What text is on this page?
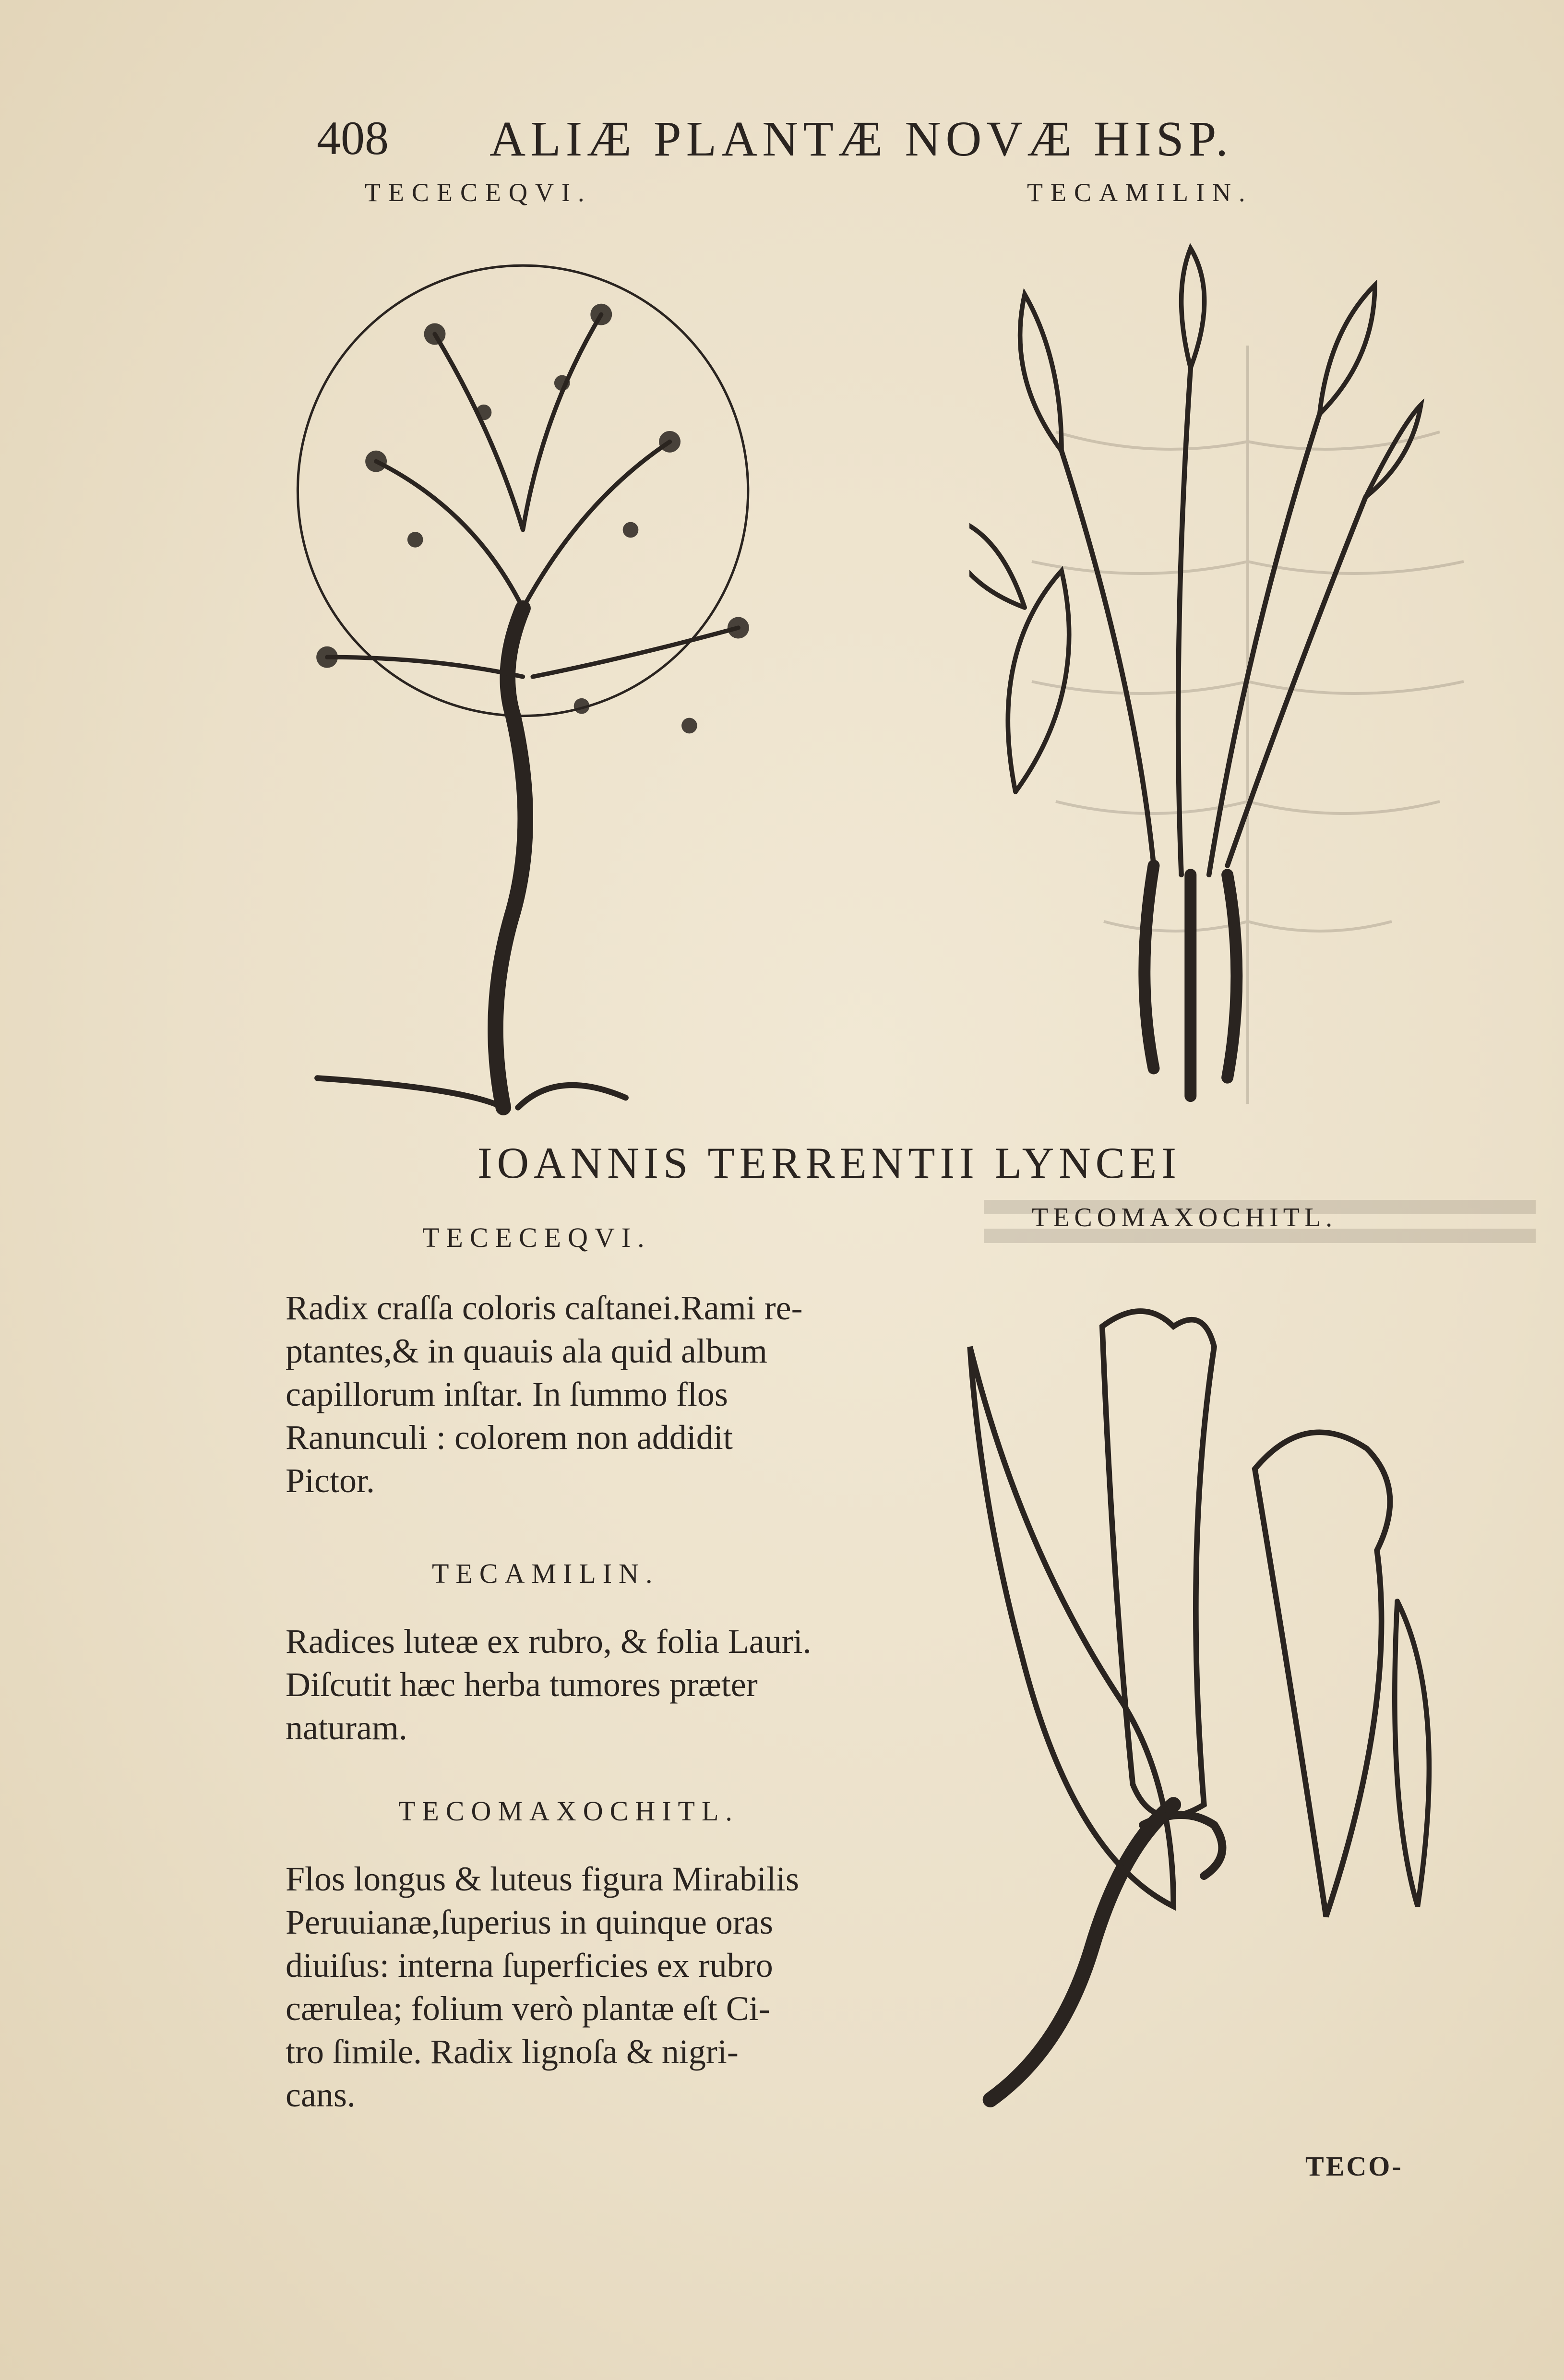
408 ALIÆ PLANTÆ NOVÆ HISP.
TECECEQVI.	TECAMILIN.
IOANNIS TERRENTII LYNCEI
TECOMAXOCHITL.
TECECEQVI.
Radix craſſa coloris caſtanei.Rami re-
ptantes,& in quauis ala quid album
capillorum inſtar. In ſummo flos
Ranunculi : colorem non addidit
Pictor.
TECAMILIN.
Radices luteæ ex rubro, & folia Lauri.
Diſcutit hæc herba tumores præter
naturam.
TECOMAXOCHITL.
Flos longus & luteus figura Mirabilis
Peruuianæ,ſuperius in quinque oras
diuiſus: interna ſuperficies ex rubro
cærulea; folium verò plantæ eſt Ci-
tro ſimile. Radix lignoſa & nigri-
cans.
TECO-
